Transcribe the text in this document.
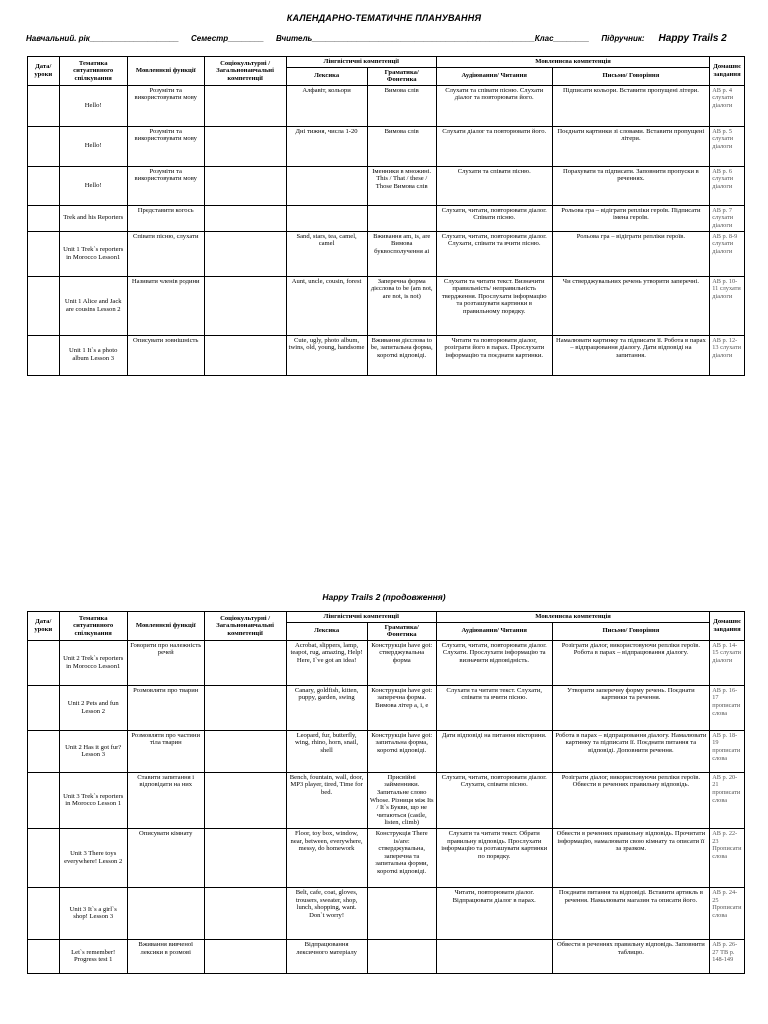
КАЛЕНДАРНО-ТЕМАТИЧНЕ ПЛАНУВАННЯ
Навчальний. рік____________________ Семестр________ Вчитель__________________________________________________Клас________ Підручник: Happy Trails 2
Дата/ уроки	Тематика ситуативного спілкування	Мовленнєві функції	Соціокультурні / Загальнонавчальні компетенції	Лінгвістичні компетенції		Мовленнєва компетенція		Домашнє завдання
				Лексика	Граматика/ Фонетика	Аудіювання/ Читання	Письмо/ Говоріння	
	Hello!	Розуміти та використовувати мову		Алфавіт, кольори	Вимова слів	Слухати та співати пісню. Слухати діалог та повторювати його.	Підписати кольори. Вставити пропущені літери.	АВ р. 4 слухати діалоги
	Hello!	Розуміти та використовувати мову		Дні тижня, числа 1-20	Вимова слів	Слухати діалог та повторювати його.	Поєднати картинки зі словами. Вставити пропущені літери.	АВ р. 5 слухати діалоги
	Hello!	Розуміти та використовувати мову			Іменники в множині. This / That / these / Those Вимова слів	Слухати та співати пісню.	Порахувати та підписати. Заповнити пропуски в реченнях.	АВ р. 6 слухати діалоги
	Trek and his Reporters	Представити когось				Слухати, читати, повторювати діалог. Співати пісню.	Рольова гра – відіграти репліки героїв. Підписати імена героїв.	АВ р. 7 слухати діалоги
	Unit 1 Trek`s reporters in Morocco Lesson1	Співати пісню, слухати		Sand, stars, tea, camel, camel	Вживання am, is, are Вимова буквосполучення ai	Слухати, читати, повторювати діалог. Слухати, співати та вчити пісню.	Рольова гра – відіграти репліки героїв.	АВ р. 8-9 слухати діалоги
	Unit 1 Alice and Jack are cousins Lesson 2	Називати членів родини		Aunt, uncle, cousin, forest	Заперечна форма дієслова to be (am not, are not, is not)	Слухати та читати текст. Визначити правильність/ неправильність твердження. Прослухати інформацію та розташувати картинки в правильному порядку.	Чи стверджувальних речень утворити заперечні.	АВ р. 10-11 слухати діалоги
	Unit 1 It`s a photo album Lesson 3	Описувати зовнішність		Cute, ugly, photo album, twins, old, young, handsome	Вживання дієслова to be, запитальна форма, короткі відповіді.	Читати та повторювати діалог, розігрaти його в парах. Прослухати інформацію та поєднати картинки.	Намалювати картинку та підписати її. Робота в парах – відпрацювання діалогу. Дати відповіді на запитання.	АВ р. 12-13 слухати діалоги
Happy Trails 2 (продовження)
Дата/ уроки	Тематика ситуативного спілкування	Мовленнєві функції	Соціокультурні / Загальнонавчальні компетенції	Лінгвістичні компетенції		Мовленнєва компетенція		Домашнє завдання
				Лексика	Граматика/ Фонетика	Аудіювання/ Читання	Письмо/ Говоріння	
	Unit 2 Trek`s reporters in Morocco Lesson1	Говорити про належність речей		Acrobat, slippers, lamp, teapot, rug, amazing, Help! Here, I`ve got an idea!	Конструкція have got: стверджувальна форма	Слухати, читати, повторювати діалог. Слухати. Прослухати інформацію та визначити відповідність.	Розігрaти діалог, використовуючи репліки героїв. Робота в парах – відпрацювання діалогу.	АВ р. 14-15 слухати діалоги
	Unit 2 Pets and fun Lesson 2	Розмовляти про тварин		Canary, goldfish, kitten, puppy, garden, swing	Конструкція have got: заперечна форма. Вимова літер a, i, e	Слухати та читати текст. Слухати, співати та вчити пісню.	Утворити заперечну форму речень. Поєднати картинки та речення.	АВ р. 16-17 прописати слова
	Unit 2 Has it got fur? Lesson 3	Розмовляти про частини тіла тварин		Leopard, fur, butterfly, wing, rhino, horn, snail, shell	Конструкція have got: запитальна форма, короткі відповіді.	Дати відповіді на питання вікторини.	Робота в парах – відпрацювання діалогу. Намалювати картинку та підписати її. Поєднати питання та відповіді. Доповнити речення.	АВ р. 18-19 прописати слова
	Unit 3 Trek`s reporters in Morocco Lesson 1	Ставити запитання і відповідати на них		Bench, fountain, wall, door, MP3 player, tired, Time for bed.	Присвійні займенники. Запитальне слово Whose. Різниця між Its / It`s Букви, що не читаються (castle, listen, climb)	Слухати, читати, повторювати діалог. Слухати, співати пісню.	Розігрaти діалог, використовуючи репліки героїв. Обвести в реченнях правильну відповідь.	АВ р. 20-21 прописати слова
	Unit 3 There toys everywhere! Lesson 2	Описувати кімнату		Floor, toy box, window, near, between, everywhere, messy, do homework	Конструкція There is/are: стверджувальна, заперечна та запитальна форми, короткі відповіді.	Слухати та читати текст. Обрати правильну відповідь. Прослухати інформацію та розташувати картинки по порядку.	Обвести в реченнях правильну відповідь. Прочитати інформацію, намалювати свою кімнату та описати її за зразком.	АВ р. 22-23 Прописати слова
	Unit 3 It`s a girl`s shop! Lesson 3			Belt, cafe, coat, gloves, trousers, sweater, shop, lunch, shopping, want. Don`t worry!		Читати, повторювати діалог. Відпрацювати діалог в парах.	Поєднати питання та відповіді. Вставити артикль в речення. Намалювати магазин та описати його.	АВ р. 24-25 Прописати слова
	Let`s remember! Progress test 1	Вживання вивченої лексики в розмові		Відпрацювання лексичного матеріалу			Обвести в реченнях правильну відповідь. Заповнити таблицю.	АВ р. 26-27 TB р. 148-149
